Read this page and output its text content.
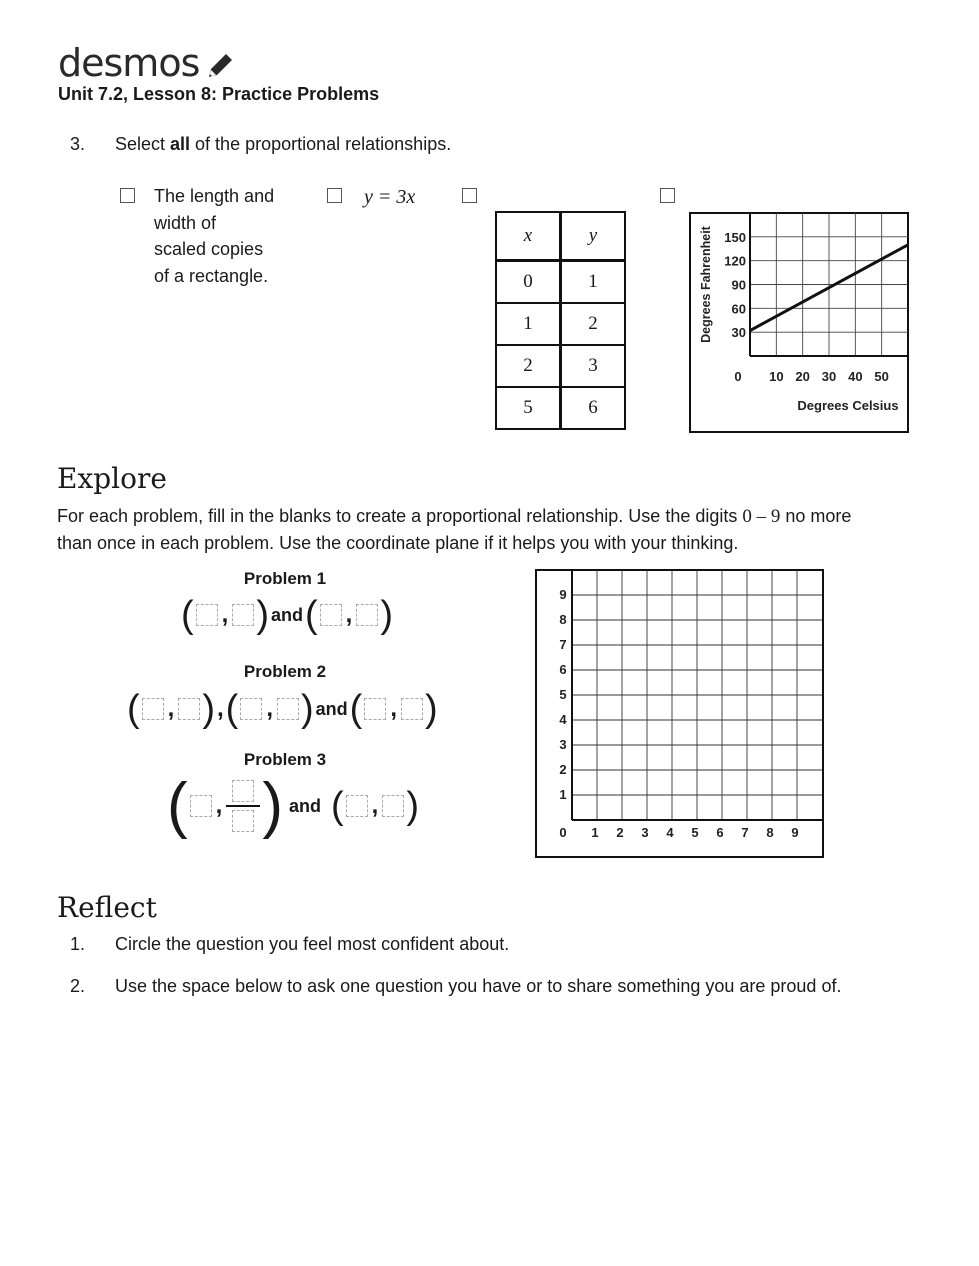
desmos
Unit 7.2, Lesson 8: Practice Problems
3. Select all of the proportional relationships.
The length and
width of
scaled copies
of a rectangle.
y = 3x
x	y
0	1
1	2
2	3
5	6
0 10 20 30 40 50
30
60
90
120
150
Degrees Celsius
Degrees Fahrenheit
Explore
For each problem, fill in the blanks to create a proportional relationship. Use the digits 0 – 9 no more
than once in each problem. Use the coordinate plane if it helps you with your thinking.
Problem 1
( , ) and ( , )
Problem 2
( , ) , ( , ) and ( , )
Problem 3
( , ) and ( , )
1 2 3 4 5 6 7 8 9
1
2
3
4
5
6
7
8
9
0
Reflect
1. Circle the question you feel most confident about.
2. Use the space below to ask one question you have or to share something you are proud of.
